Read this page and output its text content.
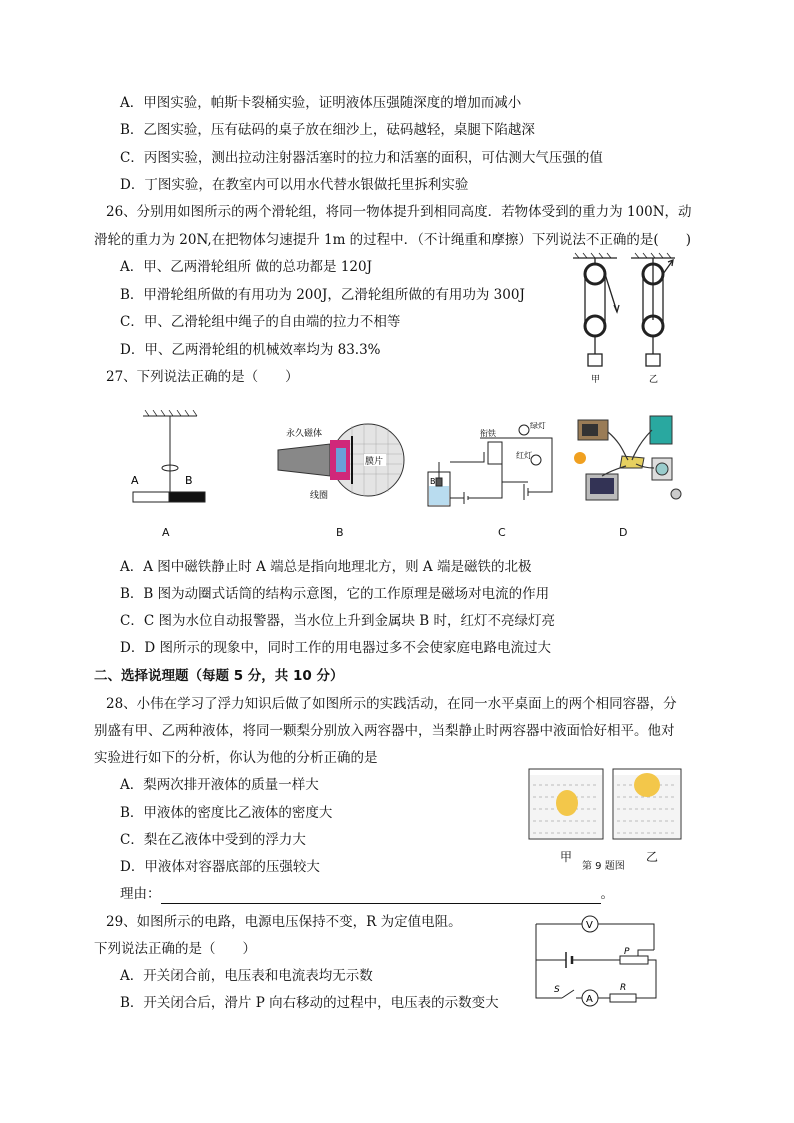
A．甲图实验，帕斯卡裂桶实验，证明液体压强随深度的增加而减小
B．乙图实验，压有砝码的桌子放在细沙上，砝码越轻，桌腿下陷越深
C．丙图实验，测出拉动注射器活塞时的拉力和活塞的面积，可估测大气压强的值
D．丁图实验，在教室内可以用水代替水银做托里拆利实验
26、分别用如图所示的两个滑轮组，将同一物体提升到相同高度．若物体受到的重力为 100N，动
滑轮的重力为 20N,在把物体匀速提升 1m 的过程中．（不计绳重和摩擦）下列说法不正确的是(　　)
A．甲、乙两滑轮组所 做的总功都是 120J
B．甲滑轮组所做的有用功为 200J，乙滑轮组所做的有用功为 300J
C．甲、乙滑轮组中绳子的自由端的拉力不相等
D．甲、乙两滑轮组的机械效率均为 83.3%
甲	乙
27、下列说法正确的是（　　）
A	B
A
永久磁体
线圈
膜片
B
衔铁
绿灯
红灯
B
C	D
A．A 图中磁铁静止时 A 端总是指向地理北方，则 A 端是磁铁的北极
B．B 图为动圈式话筒的结构示意图，它的工作原理是磁场对电流的作用
C．C 图为水位自动报警器，当水位上升到金属块 B 时，红灯不亮绿灯亮
D．D 图所示的现象中，同时工作的用电器过多不会使家庭电路电流过大
二、选择说理题（每题 5 分，共 10 分）
28、小伟在学习了浮力知识后做了如图所示的实践活动，在同一水平桌面上的两个相同容器，分
别盛有甲、乙两种液体，将同一颗梨分别放入两容器中，当梨静止时两容器中液面恰好相平。他对
实验进行如下的分析，你认为他的分析正确的是
A．梨两次排开液体的质量一样大
B．甲液体的密度比乙液体的密度大
C．梨在乙液体中受到的浮力大
D．甲液体对容器底部的压强较大
理由：	。
甲
第 9 题图
乙
29、如图所示的电路，电源电压保持不变，R 为定值电阻。
下列说法正确的是（　　）
A．开关闭合前，电压表和电流表均无示数
B．开关闭合后，滑片 P 向右移动的过程中，电压表的示数变大
V
A
P
S	R
